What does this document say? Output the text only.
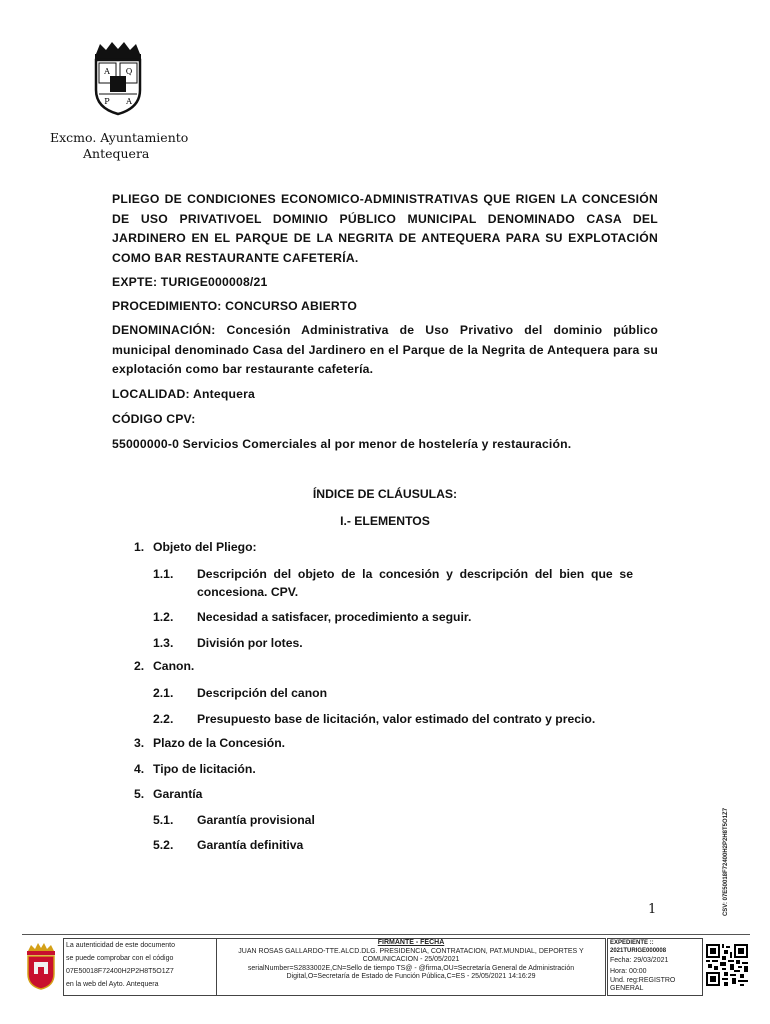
A Q
P A
Excmo. Ayuntamiento
Antequera
PLIEGO DE CONDICIONES ECONOMICO-ADMINISTRATIVAS QUE RIGEN LA CONCESIÓN DE USO PRIVATIVOEL DOMINIO PÚBLICO MUNICIPAL DENOMINADO CASA DEL JARDINERO EN EL PARQUE DE LA NEGRITA DE ANTEQUERA PARA SU EXPLOTACIÓN COMO BAR RESTAURANTE CAFETERÍA.
EXPTE: TURIGE000008/21
PROCEDIMIENTO: CONCURSO ABIERTO
DENOMINACIÓN: Concesión Administrativa de Uso Privativo del dominio público municipal denominado Casa del Jardinero en el Parque de la Negrita de Antequera para su explotación como bar restaurante cafetería.
LOCALIDAD: Antequera
CÓDIGO CPV:
55000000-0 Servicios Comerciales al por menor de hostelería y restauración.
ÍNDICE DE CLÁUSULAS:
I.- ELEMENTOS
1. Objeto del Pliego:
1.1. Descripción del objeto de la concesión y descripción del bien que se concesiona. CPV.
1.2. Necesidad a satisfacer, procedimiento a seguir.
1.3. División por lotes.
2. Canon.
2.1. Descripción del canon
2.2. Presupuesto base de licitación, valor estimado del contrato y precio.
3. Plazo de la Concesión.
4. Tipo de licitación.
5. Garantía
5.1. Garantía provisional
5.2. Garantía definitiva
1	CSV: 07E50018F72400H2P2H8T5O1Z7
La autenticidad de este documento
se puede comprobar con el código
07E50018F72400H2P2H8T5O1Z7
en la web del Ayto. Antequera
FIRMANTE - FECHA
JUAN ROSAS GALLARDO-TTE.ALCD.DLG. PRESIDENCIA, CONTRATACION, PAT.MUNDIAL, DEPORTES Y COMUNICACION - 25/05/2021
serialNumber=S2833002E,CN=Sello de tiempo TS@ - @firma,OU=Secretaría General de Administración Digital,O=Secretaría de Estado de Función Pública,C=ES - 25/05/2021 14:16:29
EXPEDIENTE ::
2021TURIGE000008
Fecha: 29/03/2021
Hora: 00:00
Und. reg:REGISTRO GENERAL
